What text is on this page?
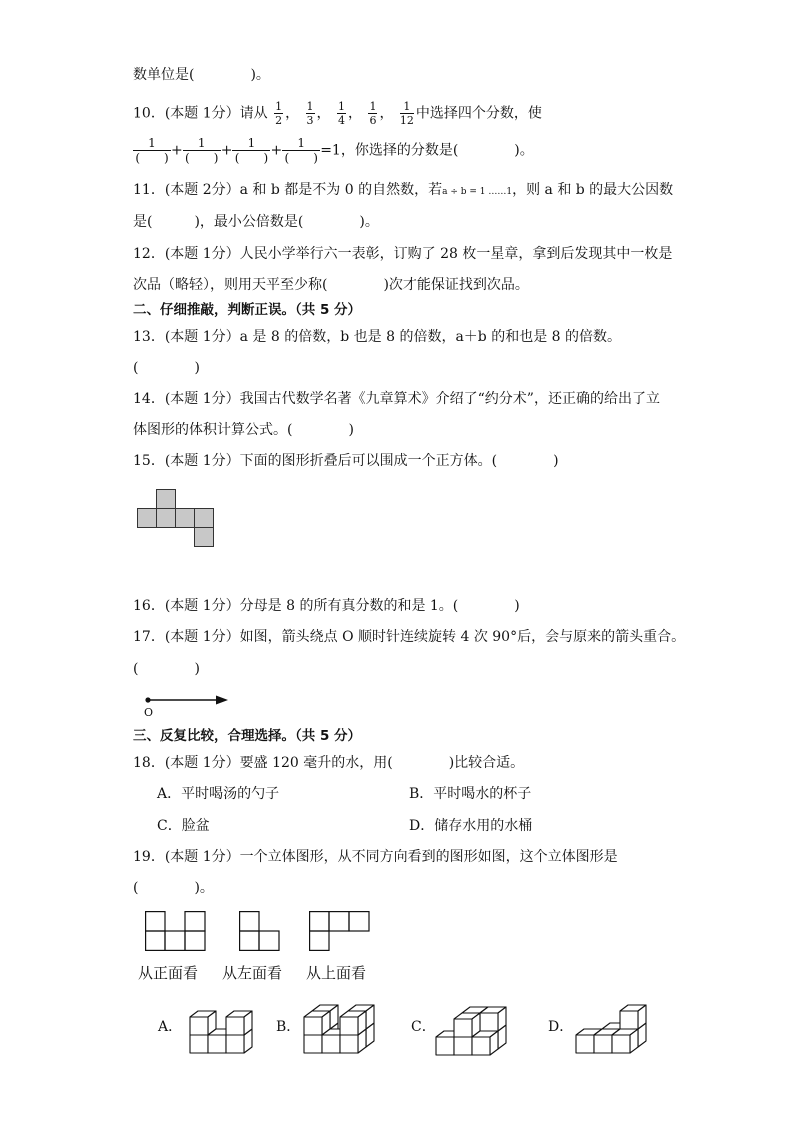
数单位是(　　　　)。
10．(本题 1分）请从 $\frac{1}{2}$ ， $\frac{1}{3}$ ， $\frac{1}{4}$ ， $\frac{1}{6}$ ， $\frac{1}{12}$ 中选择四个分数，使
1
(　　) +	1
(　　) +	1
(　　) +	1
(　　) =1，你选择的分数是(　　　　)。
11．(本题 2分）a 和 b 都是不为 0 的自然数，若a ÷ b = 1 ……1，则 a 和 b 的最大公因数
是(　　　)，最小公倍数是(　　　　)。
12．(本题 1分）人民小学举行六一表彰，订购了 28 枚一星章，拿到后发现其中一枚是
次品（略轻），则用天平至少称(　　　　)次才能保证找到次品。
二、仔细推敲，判断正误。（共 5 分）
13．(本题 1分）a 是 8 的倍数，b 也是 8 的倍数，a＋b 的和也是 8 的倍数。
(　　　　)
14．(本题 1分）我国古代数学名著《九章算术》介绍了“约分术”，还正确的给出了立
体图形的体积计算公式。(　　　　)
15．(本题 1分）下面的图形折叠后可以围成一个正方体。(　　　　)
16．(本题 1分）分母是 8 的所有真分数的和是 1。(　　　　)
17．(本题 1分）如图，箭头绕点 O 顺时针连续旋转 4 次 90°后，会与原来的箭头重合。
(　　　　)
O
三、反复比较，合理选择。（共 5 分）
18．(本题 1分）要盛 120 毫升的水，用(　　　　)比较合适。
A．平时喝汤的勺子	B．平时喝水的杯子
C．脸盆	D．储存水用的水桶
19．(本题 1分）一个立体图形，从不同方向看到的图形如图，这个立体图形是
(　　　　)。
从正面看 从左面看 从上面看
A．	B．	C．	D．
